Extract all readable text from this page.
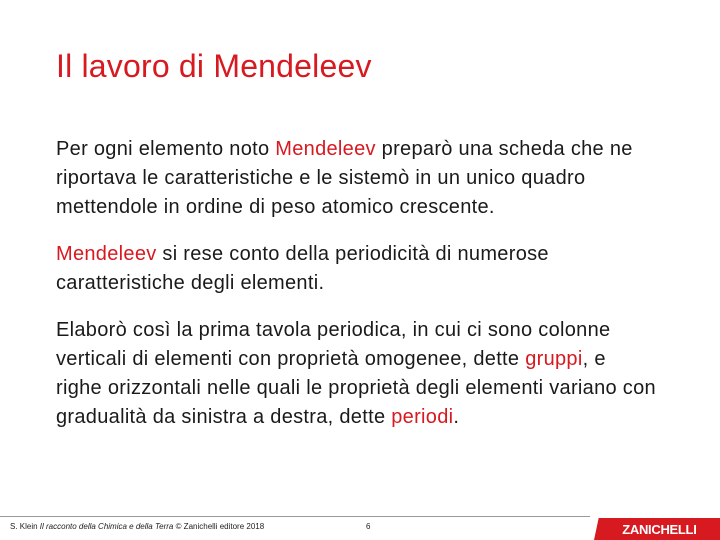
Il lavoro di Mendeleev

Per ogni elemento noto Mendeleev preparò una scheda che ne riportava le caratteristiche e le sistemò in un unico quadro mettendole in ordine di peso atomico crescente.

Mendeleev si rese conto della periodicità di numerose caratteristiche degli elementi.

Elaborò così la prima tavola periodica, in cui ci sono colonne verticali di elementi con proprietà omogenee, dette gruppi, e righe orizzontali nelle quali le proprietà degli elementi variano con gradualità da sinistra a destra, dette periodi.

S. Klein Il racconto della Chimica e della Terra © Zanichelli editore 2018	6	ZANICHELLI
